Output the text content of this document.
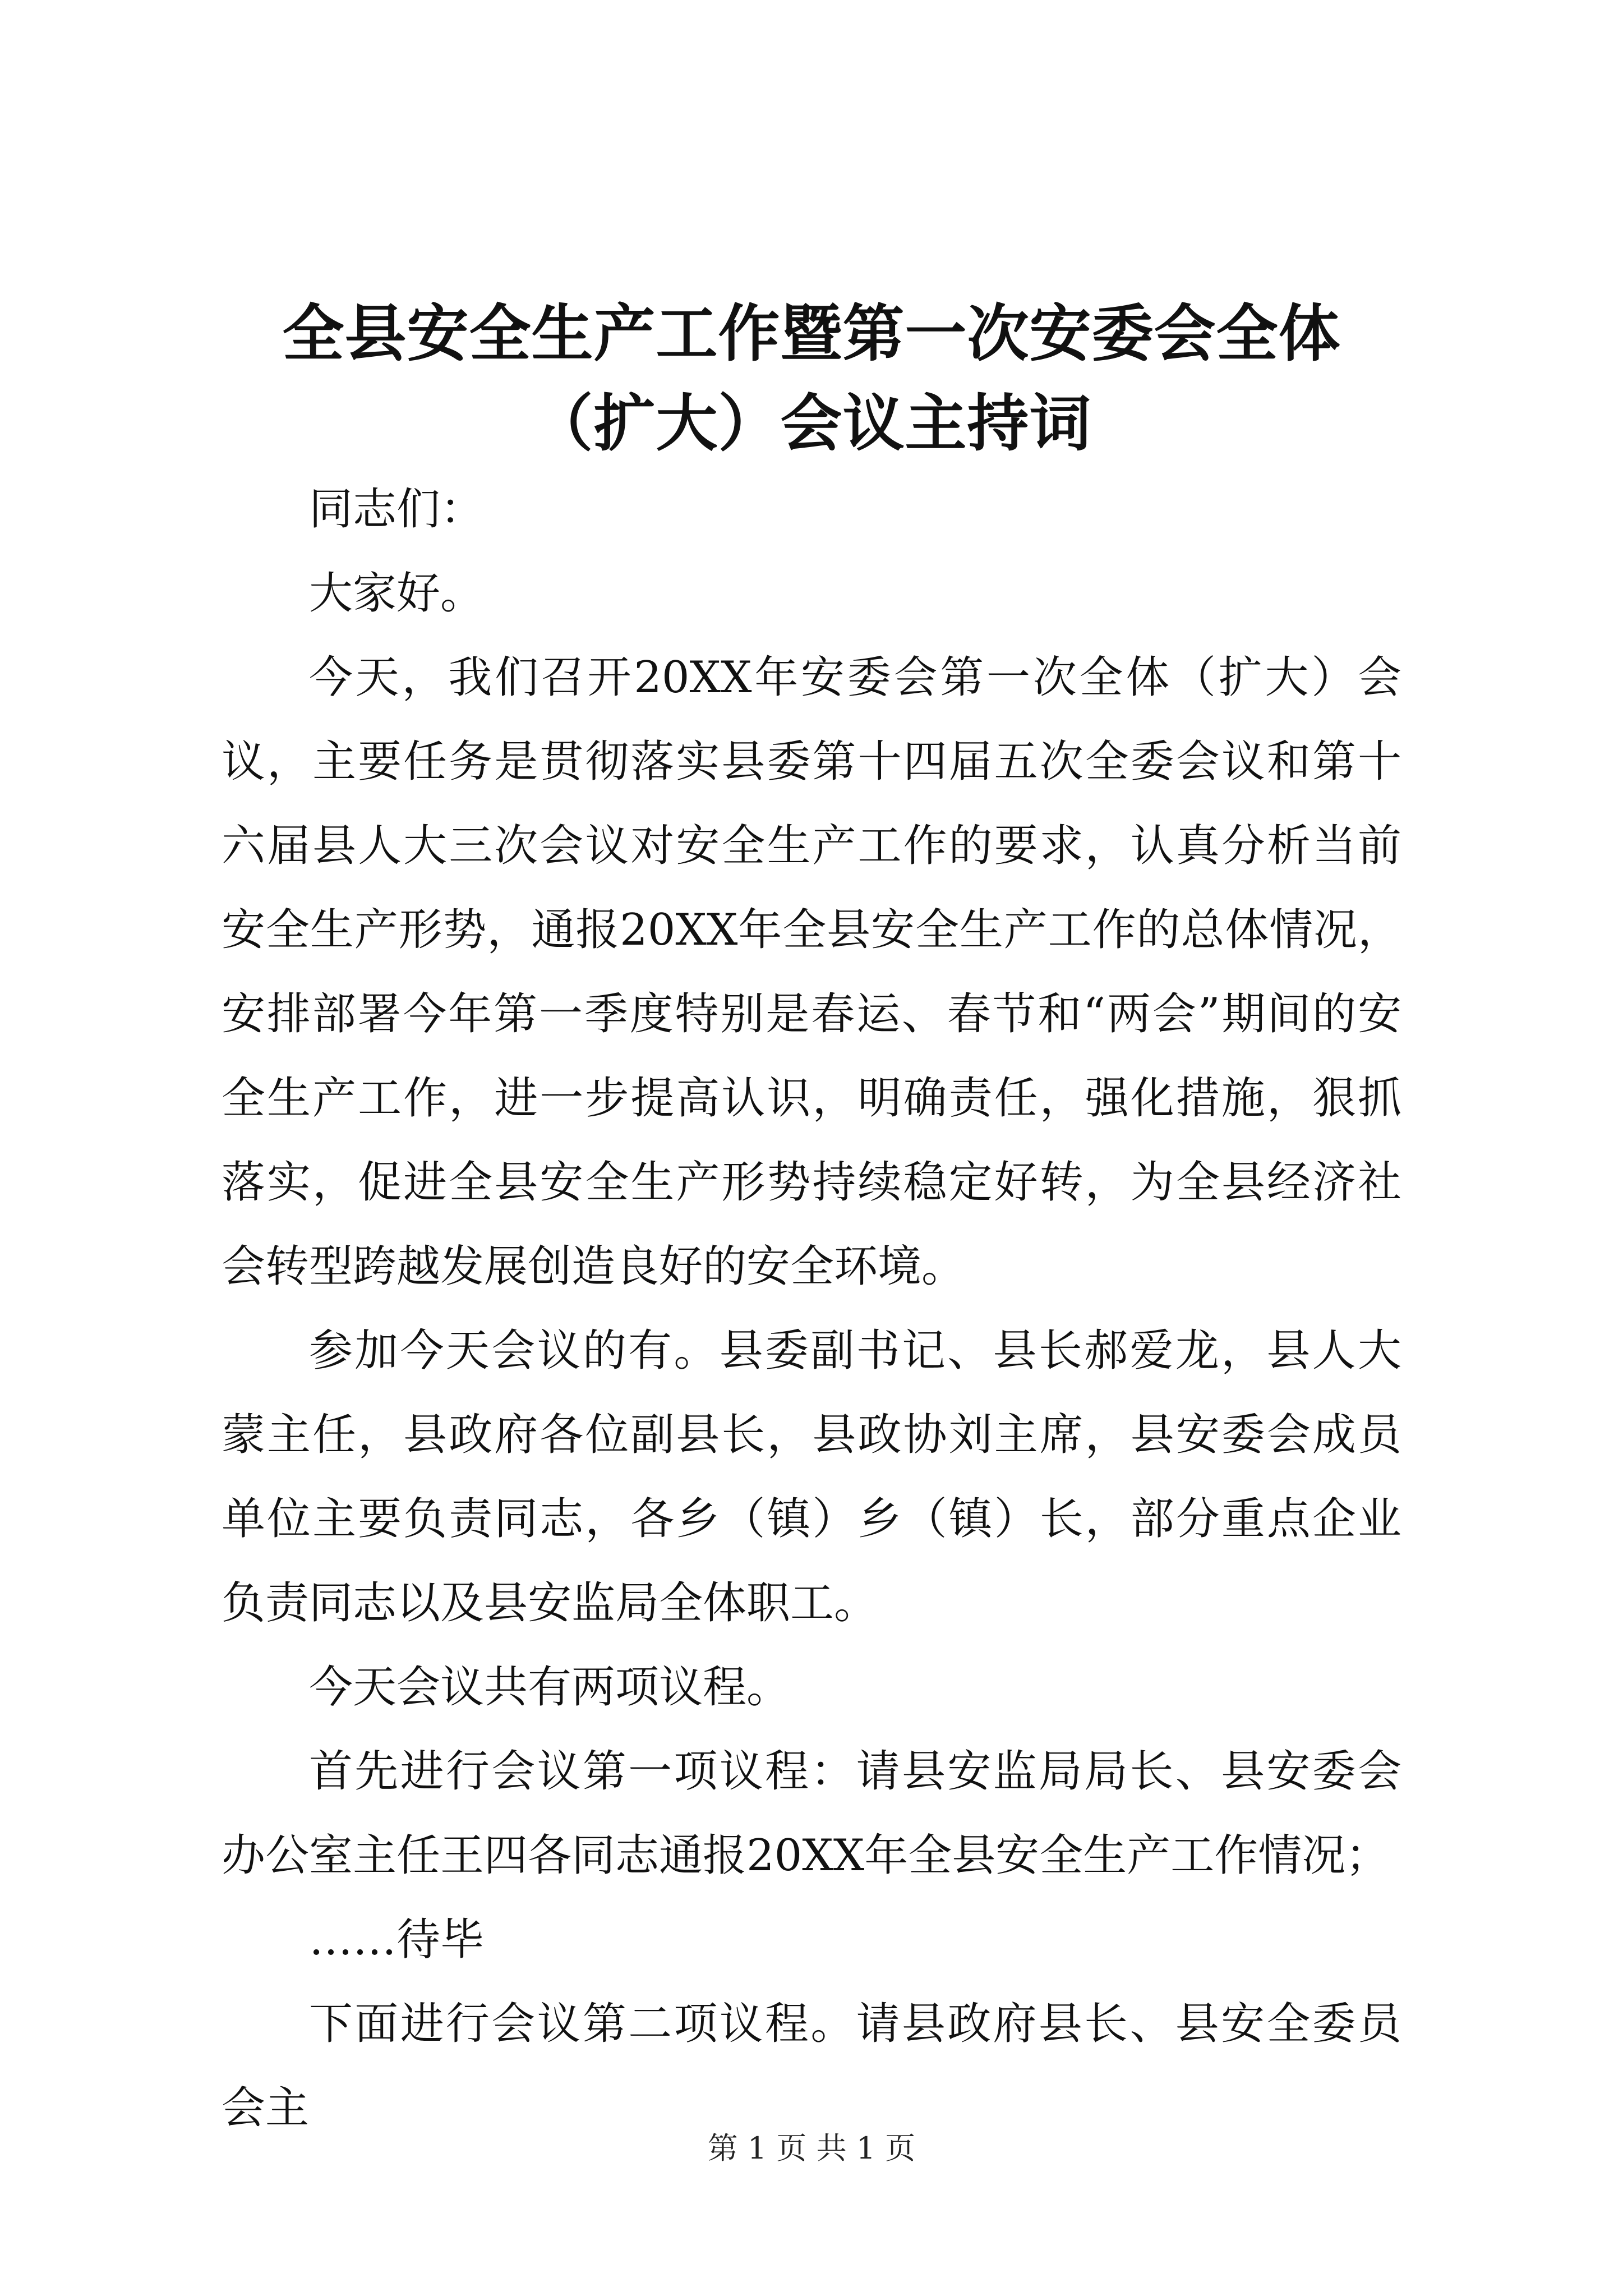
全县安全生产工作暨第一次安委会全体（扩大）会议主持词

同志们：

大家好。

今天，我们召开20XX年安委会第一次全体（扩大）会议，主要任务是贯彻落实县委第十四届五次全委会议和第十六届县人大三次会议对安全生产工作的要求，认真分析当前安全生产形势，通报20XX年全县安全生产工作的总体情况，安排部署今年第一季度特别是春运、春节和“两会”期间的安全生产工作，进一步提高认识，明确责任，强化措施，狠抓落实，促进全县安全生产形势持续稳定好转，为全县经济社会转型跨越发展创造良好的安全环境。

参加今天会议的有。县委副书记、县长郝爱龙，县人大蒙主任，县政府各位副县长，县政协刘主席，县安委会成员单位主要负责同志，各乡（镇）乡（镇）长，部分重点企业负责同志以及县安监局全体职工。

今天会议共有两项议程。

首先进行会议第一项议程：请县安监局局长、县安委会办公室主任王四各同志通报20XX年全县安全生产工作情况；

……待毕

下面进行会议第二项议程。请县政府县长、县安全委员会主

第 1 页 共 1 页
